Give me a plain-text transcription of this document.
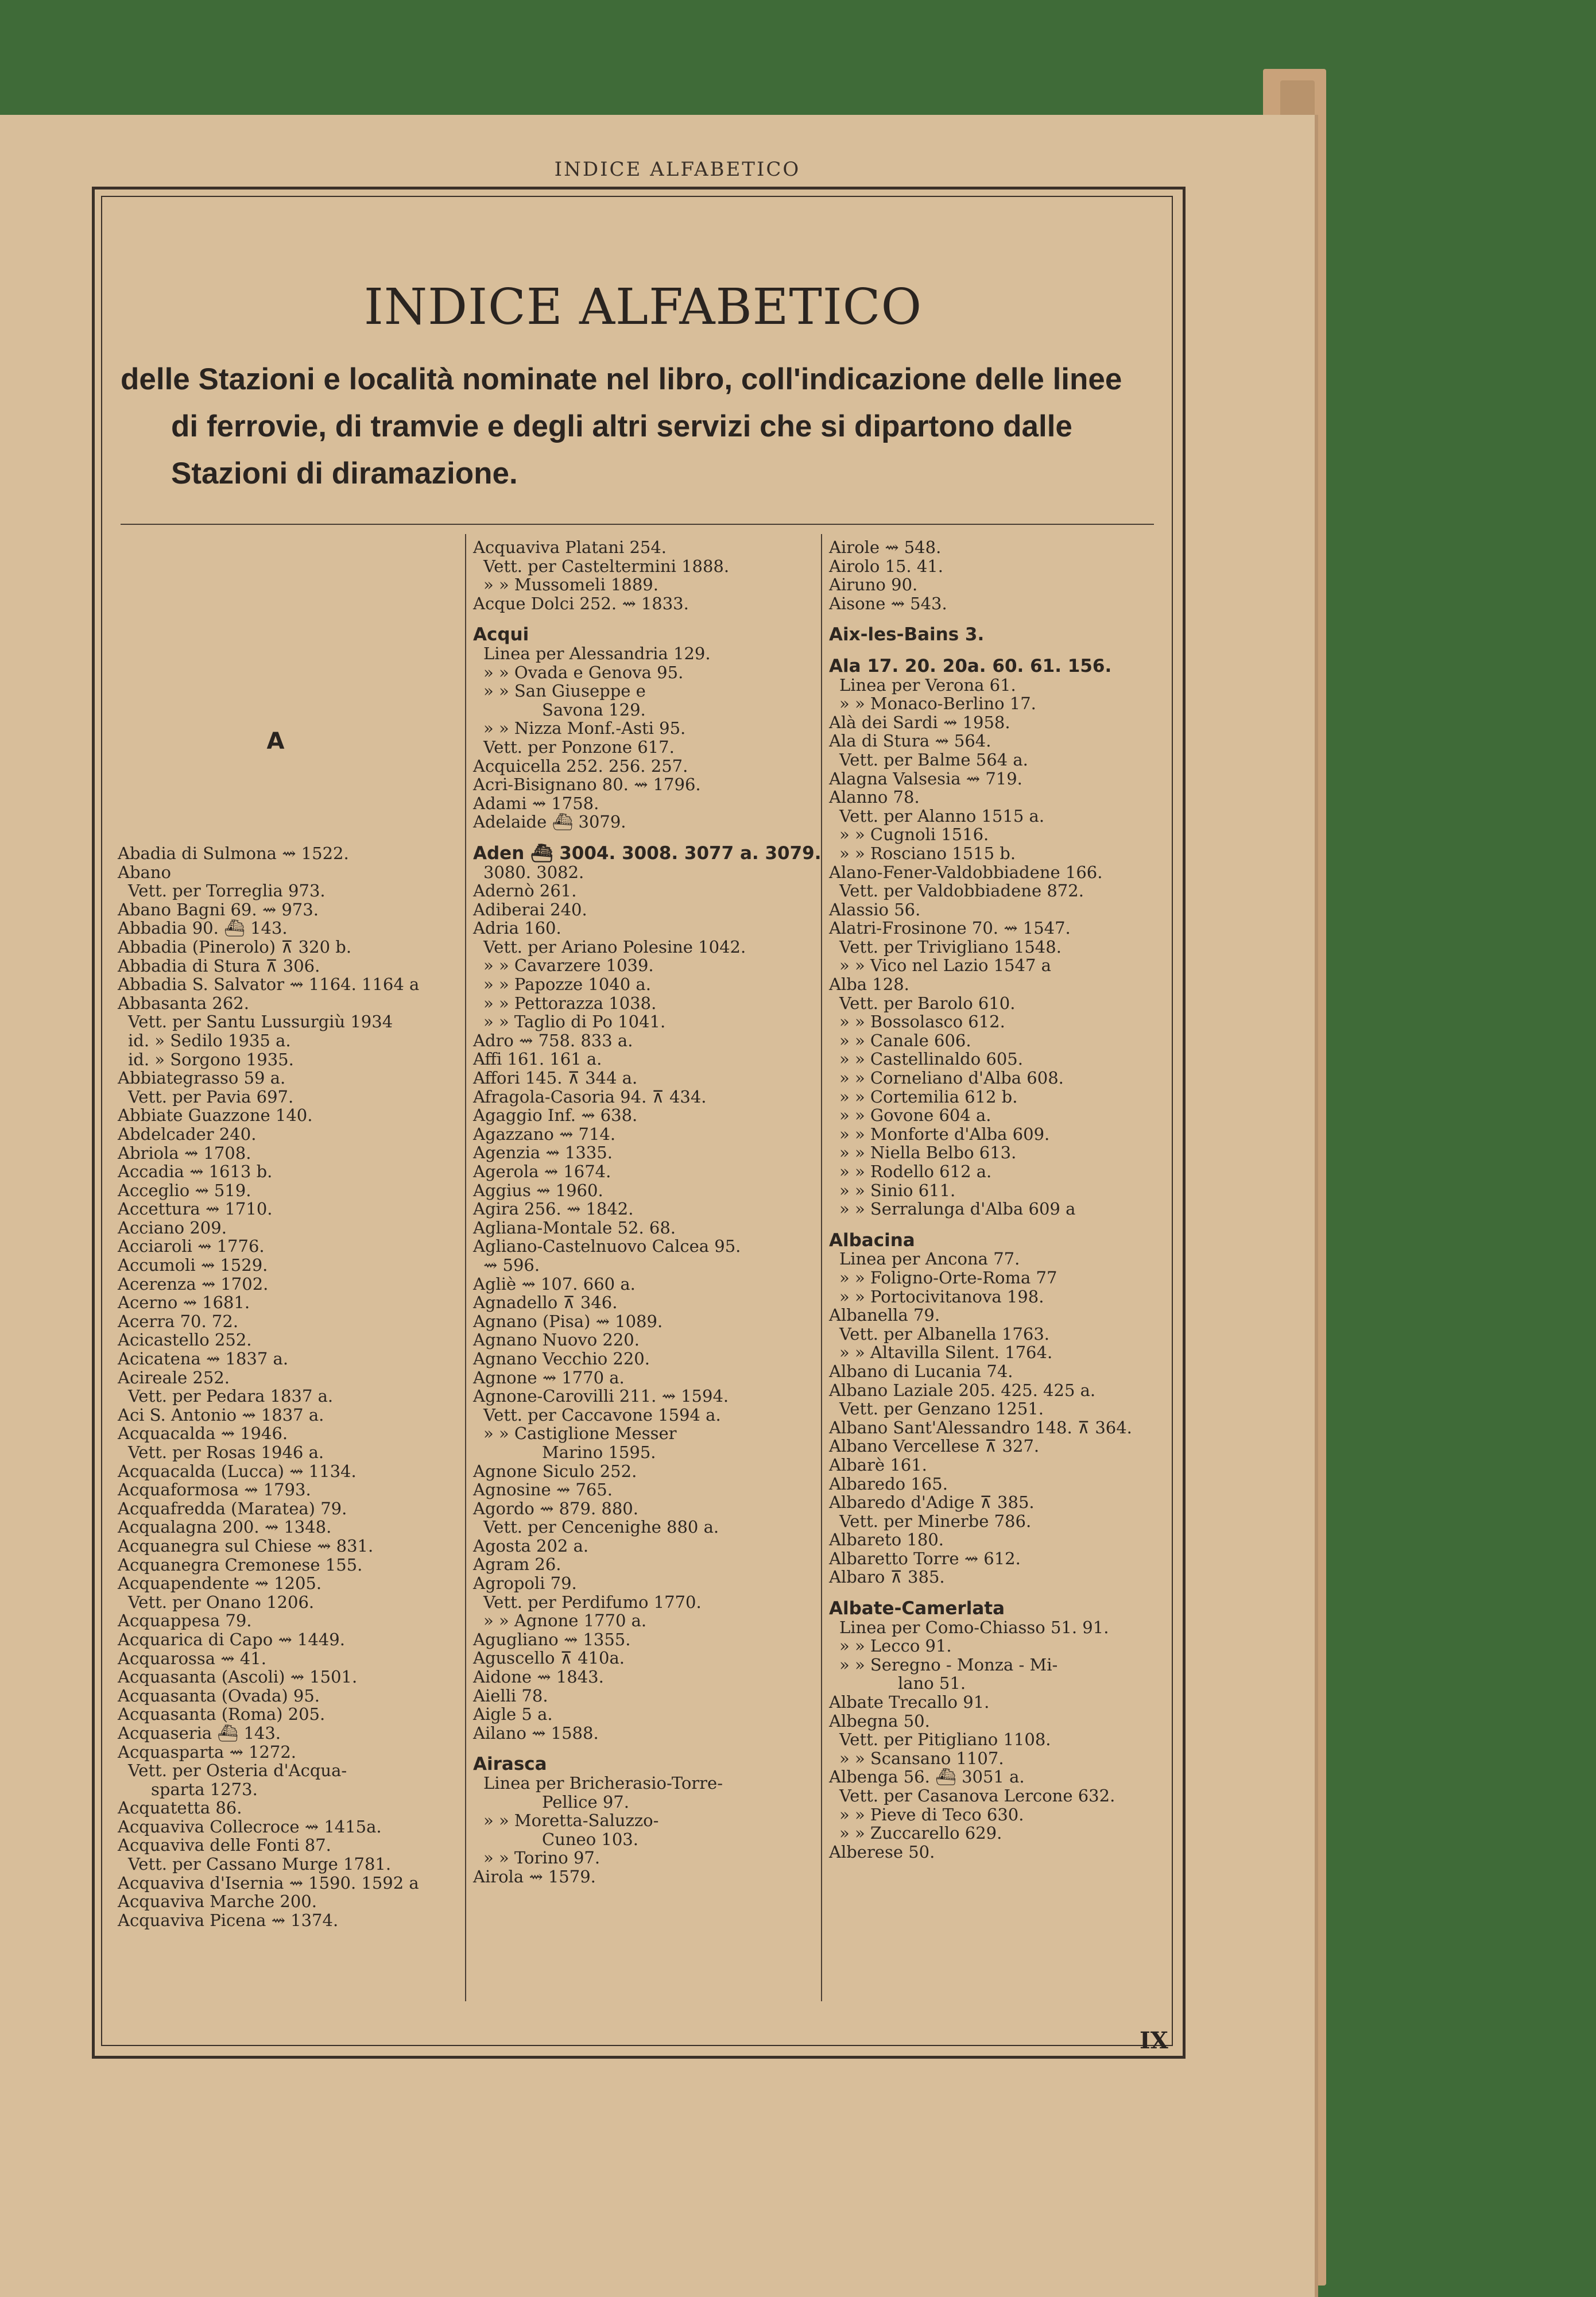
INDICE ALFABETICO
INDICE ALFABETICO
delle Stazioni e località nominate nel libro, coll'indicazione delle linee
di ferrovie, di tramvie e degli altri servizi che si dipartono dalle
Stazioni di diramazione.
A
Abadia di Sulmona ⇝ 1522.
Abano
Vett. per Torreglia 973.
Abano Bagni 69. ⇝ 973.
Abbadia 90. ⛴ 143.
Abbadia (Pinerolo) ⊼ 320 b.
Abbadia di Stura ⊼ 306.
Abbadia S. Salvator ⇝ 1164. 1164 a
Abbasanta 262.
Vett. per Santu Lussurgiù 1934
id. » Sedilo 1935 a.
id. » Sorgono 1935.
Abbiategrasso 59 a.
Vett. per Pavia 697.
Abbiate Guazzone 140.
Abdelcader 240.
Abriola ⇝ 1708.
Accadia ⇝ 1613 b.
Acceglio ⇝ 519.
Accettura ⇝ 1710.
Acciano 209.
Acciaroli ⇝ 1776.
Accumoli ⇝ 1529.
Acerenza ⇝ 1702.
Acerno ⇝ 1681.
Acerra 70. 72.
Acicastello 252.
Acicatena ⇝ 1837 a.
Acireale 252.
Vett. per Pedara 1837 a.
Aci S. Antonio ⇝ 1837 a.
Acquacalda ⇝ 1946.
Vett. per Rosas 1946 a.
Acquacalda (Lucca) ⇝ 1134.
Acquaformosa ⇝ 1793.
Acquafredda (Maratea) 79.
Acqualagna 200. ⇝ 1348.
Acquanegra sul Chiese ⇝ 831.
Acquanegra Cremonese 155.
Acquapendente ⇝ 1205.
Vett. per Onano 1206.
Acquappesa 79.
Acquarica di Capo ⇝ 1449.
Acquarossa ⇝ 41.
Acquasanta (Ascoli) ⇝ 1501.
Acquasanta (Ovada) 95.
Acquasanta (Roma) 205.
Acquaseria ⛴ 143.
Acquasparta ⇝ 1272.
Vett. per Osteria d'Acqua-
sparta 1273.
Acquatetta 86.
Acquaviva Collecroce ⇝ 1415a.
Acquaviva delle Fonti 87.
Vett. per Cassano Murge 1781.
Acquaviva d'Isernia ⇝ 1590. 1592 a
Acquaviva Marche 200.
Acquaviva Picena ⇝ 1374.
Acquaviva Platani 254.
Vett. per Casteltermini 1888.
» » Mussomeli 1889.
Acque Dolci 252. ⇝ 1833.
Acqui
Linea per Alessandria 129.
» » Ovada e Genova 95.
» » San Giuseppe e
Savona 129.
» » Nizza Monf.-Asti 95.
Vett. per Ponzone 617.
Acquicella 252. 256. 257.
Acri-Bisignano 80. ⇝ 1796.
Adami ⇝ 1758.
Adelaide ⛴ 3079.
Aden ⛴ 3004. 3008. 3077 a. 3079.
3080. 3082.
Adernò 261.
Adiberai 240.
Adria 160.
Vett. per Ariano Polesine 1042.
» » Cavarzere 1039.
» » Papozze 1040 a.
» » Pettorazza 1038.
» » Taglio di Po 1041.
Adro ⇝ 758. 833 a.
Affi 161. 161 a.
Affori 145. ⊼ 344 a.
Afragola-Casoria 94. ⊼ 434.
Agaggio Inf. ⇝ 638.
Agazzano ⇝ 714.
Agenzia ⇝ 1335.
Agerola ⇝ 1674.
Aggius ⇝ 1960.
Agira 256. ⇝ 1842.
Agliana-Montale 52. 68.
Agliano-Castelnuovo Calcea 95.
⇝ 596.
Agliè ⇝ 107. 660 a.
Agnadello ⊼ 346.
Agnano (Pisa) ⇝ 1089.
Agnano Nuovo 220.
Agnano Vecchio 220.
Agnone ⇝ 1770 a.
Agnone-Carovilli 211. ⇝ 1594.
Vett. per Caccavone 1594 a.
» » Castiglione Messer
Marino 1595.
Agnone Siculo 252.
Agnosine ⇝ 765.
Agordo ⇝ 879. 880.
Vett. per Cencenighe 880 a.
Agosta 202 a.
Agram 26.
Agropoli 79.
Vett. per Perdifumo 1770.
» » Agnone 1770 a.
Agugliano ⇝ 1355.
Aguscello ⊼ 410a.
Aidone ⇝ 1843.
Aielli 78.
Aigle 5 a.
Ailano ⇝ 1588.
Airasca
Linea per Bricherasio-Torre-
Pellice 97.
» » Moretta-Saluzzo-
Cuneo 103.
» » Torino 97.
Airola ⇝ 1579.
Airole ⇝ 548.
Airolo 15. 41.
Airuno 90.
Aisone ⇝ 543.
Aix-les-Bains 3.
Ala 17. 20. 20a. 60. 61. 156.
Linea per Verona 61.
» » Monaco-Berlino 17.
Alà dei Sardi ⇝ 1958.
Ala di Stura ⇝ 564.
Vett. per Balme 564 a.
Alagna Valsesia ⇝ 719.
Alanno 78.
Vett. per Alanno 1515 a.
» » Cugnoli 1516.
» » Rosciano 1515 b.
Alano-Fener-Valdobbiadene 166.
Vett. per Valdobbiadene 872.
Alassio 56.
Alatri-Frosinone 70. ⇝ 1547.
Vett. per Trivigliano 1548.
» » Vico nel Lazio 1547 a
Alba 128.
Vett. per Barolo 610.
» » Bossolasco 612.
» » Canale 606.
» » Castellinaldo 605.
» » Corneliano d'Alba 608.
» » Cortemilia 612 b.
» » Govone 604 a.
» » Monforte d'Alba 609.
» » Niella Belbo 613.
» » Rodello 612 a.
» » Sinio 611.
» » Serralunga d'Alba 609 a
Albacina
Linea per Ancona 77.
» » Foligno-Orte-Roma 77
» » Portocivitanova 198.
Albanella 79.
Vett. per Albanella 1763.
» » Altavilla Silent. 1764.
Albano di Lucania 74.
Albano Laziale 205. 425. 425 a.
Vett. per Genzano 1251.
Albano Sant'Alessandro 148. ⊼ 364.
Albano Vercellese ⊼ 327.
Albarè 161.
Albaredo 165.
Albaredo d'Adige ⊼ 385.
Vett. per Minerbe 786.
Albareto 180.
Albaretto Torre ⇝ 612.
Albaro ⊼ 385.
Albate-Camerlata
Linea per Como-Chiasso 51. 91.
» » Lecco 91.
» » Seregno - Monza - Mi-
lano 51.
Albate Trecallo 91.
Albegna 50.
Vett. per Pitigliano 1108.
» » Scansano 1107.
Albenga 56. ⛴ 3051 a.
Vett. per Casanova Lercone 632.
» » Pieve di Teco 630.
» » Zuccarello 629.
Alberese 50.
IX
